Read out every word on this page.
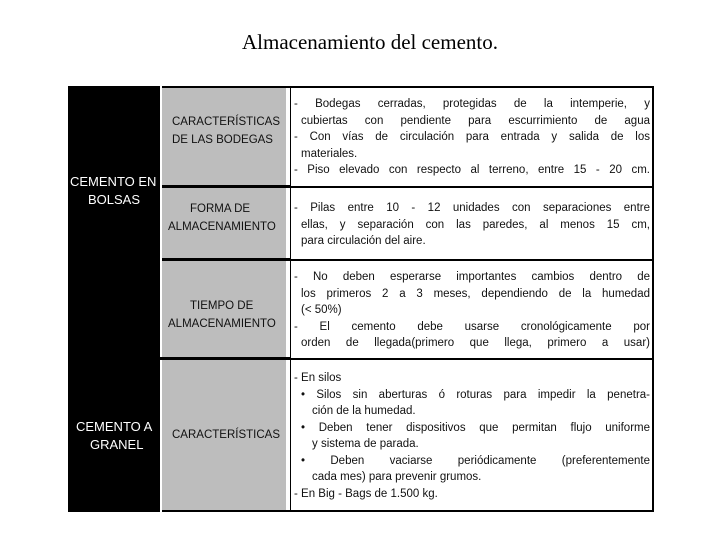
Almacenamiento del cemento.
CEMENTO EN
BOLSAS
CEMENTO A
GRANEL
CARACTERÍSTICAS
DE LAS BODEGAS
FORMA DE
ALMACENAMIENTO
TIEMPO DE
ALMACENAMIENTO
CARACTERÍSTICAS
- Bodegas cerradas, protegidas de la intemperie, y
cubiertas con pendiente para escurrimiento de agua
- Con vías de circulación para entrada y salida de los
materiales.
- Piso elevado con respecto al terreno, entre 15 - 20 cm.
- Pilas entre 10 - 12 unidades con separaciones entre
ellas, y separación con las paredes, al menos 15 cm,
para circulación del aire.
- No deben esperarse importantes cambios dentro de
los primeros 2 a 3 meses, dependiendo de la humedad
(< 50%)
- El cemento debe usarse cronológicamente por
orden de llegada(primero que llega, primero a usar)
- En silos
• Silos sin aberturas ó roturas para impedir la penetra-
ción de la humedad.
• Deben tener dispositivos que permitan flujo uniforme
y sistema de parada.
• Deben vaciarse periódicamente (preferentemente
cada mes) para prevenir grumos.
- En Big - Bags de 1.500 kg.
